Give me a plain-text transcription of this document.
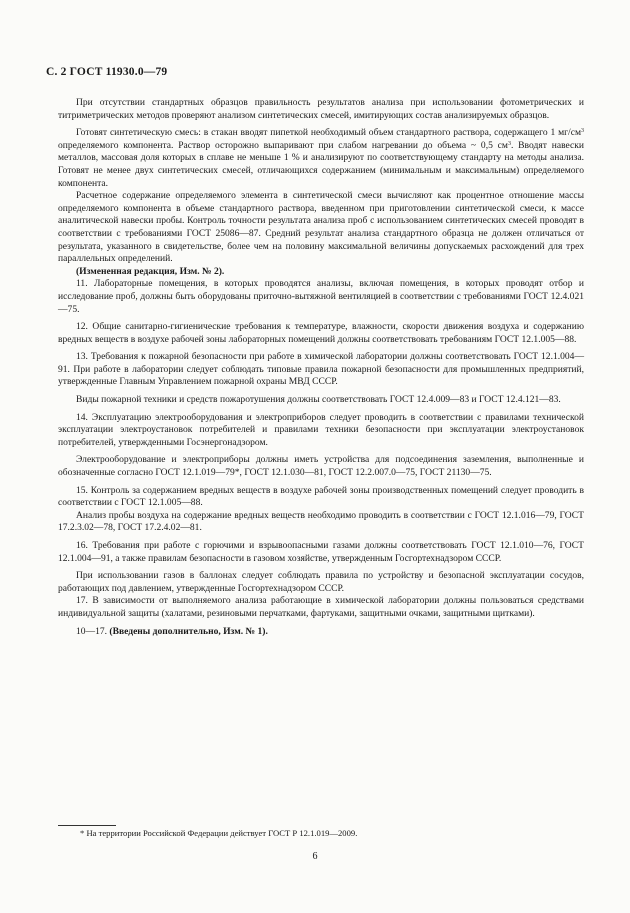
С. 2 ГОСТ 11930.0—79

При отсутствии стандартных образцов правильность результатов анализа при использовании фотометрических и титриметрических методов проверяют анализом синтетических смесей, имитирующих состав анализируемых образцов.

Готовят синтетическую смесь: в стакан вводят пипеткой необходимый объем стандартного раствора, содержащего 1 $мг/см^3$ определяемого компонента. Раствор осторожно выпаривают при слабом нагревании до объема ~ 0,5 $см^3$. Вводят навески металлов, массовая доля которых в сплаве не меньше 1 % и анализируют по соответствующему стандарту на методы анализа. Готовят не менее двух синтетических смесей, отличающихся содержанием (минимальным и максимальным) определяемого компонента.

Расчетное содержание определяемого элемента в синтетической смеси вычисляют как процентное отношение массы определяемого компонента в объеме стандартного раствора, введенном при приготовлении синтетической смеси, к массе аналитической навески пробы. Контроль точности результата анализа проб с использованием синтетических смесей проводят в соответствии с требованиями ГОСТ 25086—87. Средний результат анализа стандартного образца не должен отличаться от результата, указанного в свидетельстве, более чем на половину максимальной величины допускаемых расхождений для трех параллельных определений.

(Измененная редакция, Изм. № 2).

11. Лабораторные помещения, в которых проводятся анализы, включая помещения, в которых проводят отбор и исследование проб, должны быть оборудованы приточно-вытяжной вентиляцией в соответствии с требованиями ГОСТ 12.4.021—75.

12. Общие санитарно-гигиенические требования к температуре, влажности, скорости движения воздуха и содержанию вредных веществ в воздухе рабочей зоны лабораторных помещений должны соответствовать требованиям ГОСТ 12.1.005—88.

13. Требования к пожарной безопасности при работе в химической лаборатории должны соответствовать ГОСТ 12.1.004—91. При работе в лаборатории следует соблюдать типовые правила пожарной безопасности для промышленных предприятий, утвержденные Главным Управлением пожарной охраны МВД СССР.

Виды пожарной техники и средств пожаротушения должны соответствовать ГОСТ 12.4.009—83 и ГОСТ 12.4.121—83.

14. Эксплуатацию электрооборудования и электроприборов следует проводить в соответствии с правилами технической эксплуатации электроустановок потребителей и правилами техники безопасности при эксплуатации электроустановок потребителей, утвержденными Госэнергонадзором.

Электрооборудование и электроприборы должны иметь устройства для подсоединения заземления, выполненные и обозначенные согласно ГОСТ 12.1.019—79*, ГОСТ 12.1.030—81, ГОСТ 12.2.007.0—75, ГОСТ 21130—75.

15. Контроль за содержанием вредных веществ в воздухе рабочей зоны производственных помещений следует проводить в соответствии с ГОСТ 12.1.005—88.

Анализ пробы воздуха на содержание вредных веществ необходимо проводить в соответствии с ГОСТ 12.1.016—79, ГОСТ 17.2.3.02—78, ГОСТ 17.2.4.02—81.

16. Требования при работе с горючими и взрывоопасными газами должны соответствовать ГОСТ 12.1.010—76, ГОСТ 12.1.004—91, а также правилам безопасности в газовом хозяйстве, утвержденным Госгортехнадзором СССР.

При использовании газов в баллонах следует соблюдать правила по устройству и безопасной эксплуатации сосудов, работающих под давлением, утвержденные Госгортехнадзором СССР.

17. В зависимости от выполняемого анализа работающие в химической лаборатории должны пользоваться средствами индивидуальной защиты (халатами, резиновыми перчатками, фартуками, защитными очками, защитными щитками).

10—17. (Введены дополнительно, Изм. № 1).

* На территории Российской Федерации действует ГОСТ Р 12.1.019—2009.
6
